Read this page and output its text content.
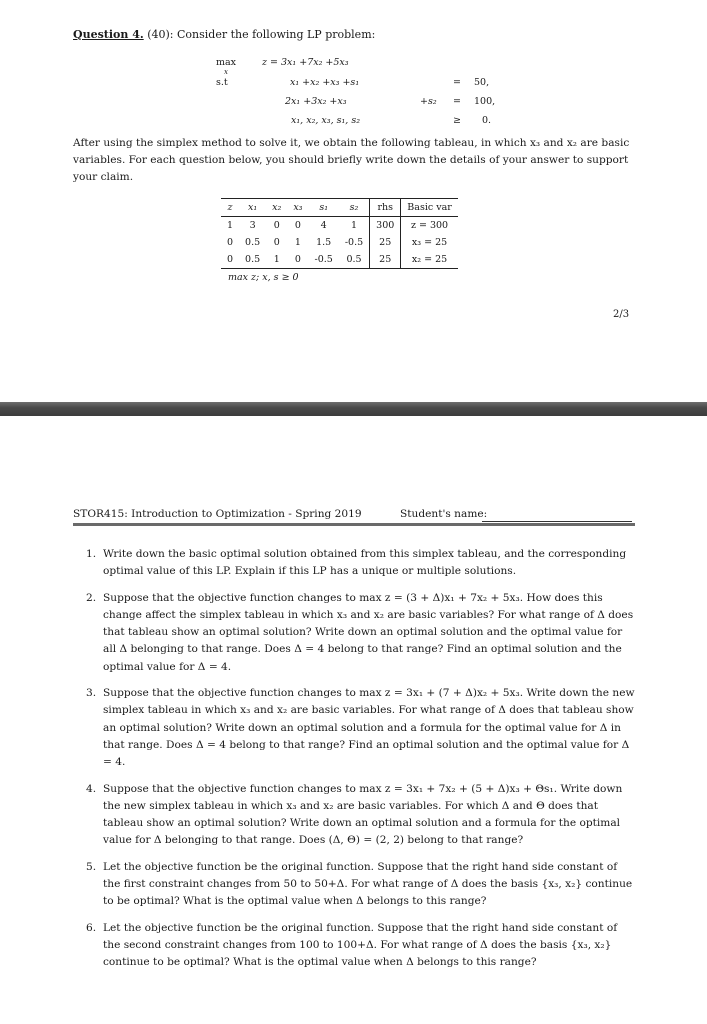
Question 4. (40): Consider the following LP problem:
max
x
z = 3x₁ +7x₂ +5x₃
s.t	x₁ +x₂ +x₃ +s₁	= 50,
2x₁ +3x₂ +x₃	+s₂ = 100,
x₁, x₂, x₃, s₁, s₂	≥ 0.
After using the simplex method to solve it, we obtain the following tableau, in which x₃ and x₂ are basic variables. For each question below, you should briefly write down the details of your answer to support your claim.
z	x₁	x₂	x₃	s₁	s₂	rhs	Basic var
1	3	0	0	4	1	300	z = 300
0	0.5	0	1	1.5	-0.5	25	x₃ = 25
0	0.5	1	0	-0.5	0.5	25	x₂ = 25
max z; x, s ≥ 0
2/3
STOR415: Introduction to Optimization - Spring 2019	Student's name:
1. Write down the basic optimal solution obtained from this simplex tableau, and the corresponding optimal value of this LP. Explain if this LP has a unique or multiple solutions.
2. Suppose that the objective function changes to max z = (3 + Δ)x₁ + 7x₂ + 5x₃. How does this change affect the simplex tableau in which x₃ and x₂ are basic variables? For what range of Δ does that tableau show an optimal solution? Write down an optimal solution and the optimal value for all Δ belonging to that range. Does Δ = 4 belong to that range? Find an optimal solution and the optimal value for Δ = 4.
3. Suppose that the objective function changes to max z = 3x₁ + (7 + Δ)x₂ + 5x₃. Write down the new simplex tableau in which x₃ and x₂ are basic variables. For what range of Δ does that tableau show an optimal solution? Write down an optimal solution and a formula for the optimal value for Δ in that range. Does Δ = 4 belong to that range? Find an optimal solution and the optimal value for Δ = 4.
4. Suppose that the objective function changes to max z = 3x₁ + 7x₂ + (5 + Δ)x₃ + Θs₁. Write down the new simplex tableau in which x₃ and x₂ are basic variables. For which Δ and Θ does that tableau show an optimal solution? Write down an optimal solution and a formula for the optimal value for Δ belonging to that range. Does (Δ, Θ) = (2, 2) belong to that range?
5. Let the objective function be the original function. Suppose that the right hand side constant of the first constraint changes from 50 to 50+Δ. For what range of Δ does the basis {x₃, x₂} continue to be optimal? What is the optimal value when Δ belongs to this range?
6. Let the objective function be the original function. Suppose that the right hand side constant of the second constraint changes from 100 to 100+Δ. For what range of Δ does the basis {x₃, x₂} continue to be optimal? What is the optimal value when Δ belongs to this range?
